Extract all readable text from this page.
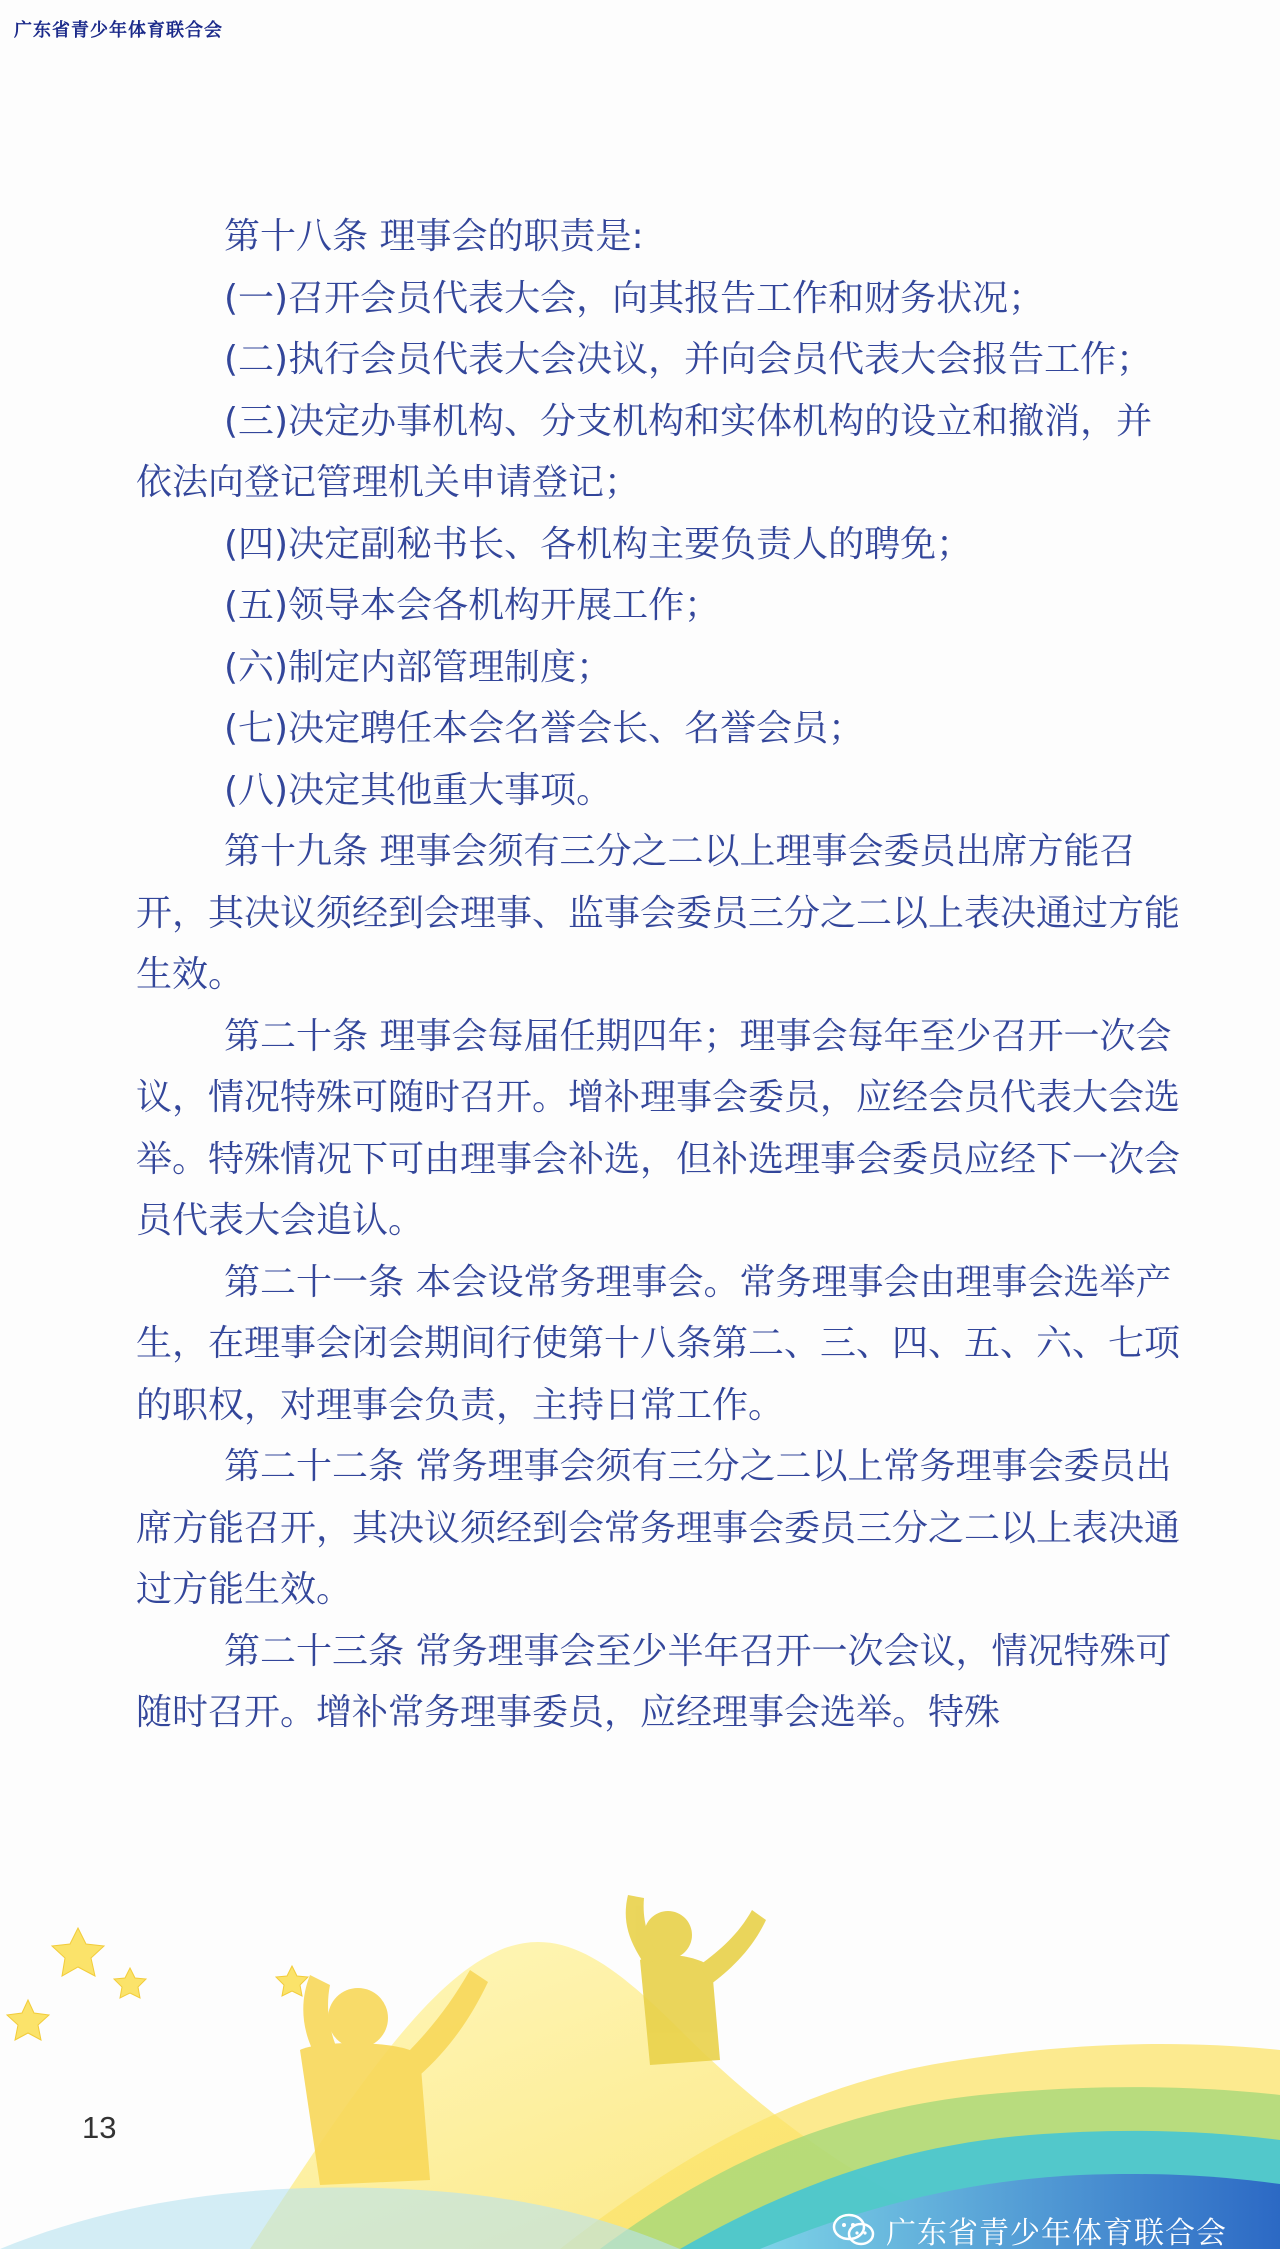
广东省青少年体育联合会

第十八条 理事会的职责是:

(一)召开会员代表大会，向其报告工作和财务状况；

(二)执行会员代表大会决议，并向会员代表大会报告工作；

(三)决定办事机构、分支机构和实体机构的设立和撤消，并依法向登记管理机关申请登记；

(四)决定副秘书长、各机构主要负责人的聘免；

(五)领导本会各机构开展工作；

(六)制定内部管理制度；

(七)决定聘任本会名誉会长、名誉会员；

(八)决定其他重大事项。

第十九条 理事会须有三分之二以上理事会委员出席方能召开，其决议须经到会理事、监事会委员三分之二以上表决通过方能生效。

第二十条 理事会每届任期四年；理事会每年至少召开一次会议，情况特殊可随时召开。增补理事会委员，应经会员代表大会选举。特殊情况下可由理事会补选，但补选理事会委员应经下一次会员代表大会追认。

第二十一条 本会设常务理事会。常务理事会由理事会选举产生，在理事会闭会期间行使第十八条第二、三、四、五、六、七项的职权，对理事会负责，主持日常工作。

第二十二条 常务理事会须有三分之二以上常务理事会委员出席方能召开，其决议须经到会常务理事会委员三分之二以上表决通过方能生效。

第二十三条 常务理事会至少半年召开一次会议，情况特殊可随时召开。增补常务理事委员，应经理事会选举。特殊

13
广东省青少年体育联合会
